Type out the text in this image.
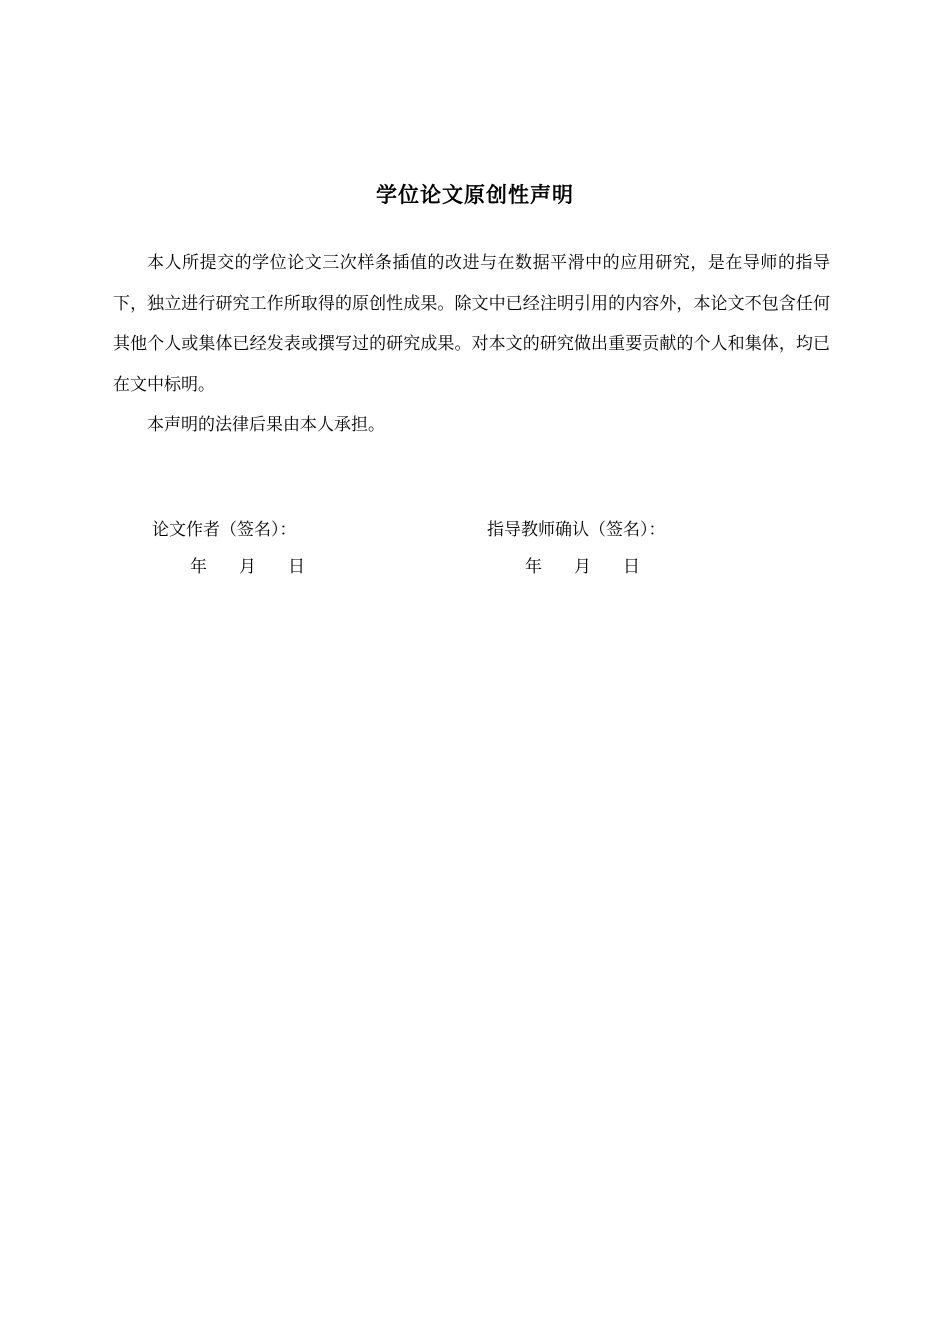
学位论文原创性声明

本人所提交的学位论文三次样条插值的改进与在数据平滑中的应用研究，是在导师的指导下，独立进行研究工作所取得的原创性成果。除文中已经注明引用的内容外，本论文不包含任何其他个人或集体已经发表或撰写过的研究成果。对本文的研究做出重要贡献的个人和集体，均已在文中标明。

本声明的法律后果由本人承担。

论文作者（签名）：	指导教师确认（签名）：
年 月 日	年 月 日
